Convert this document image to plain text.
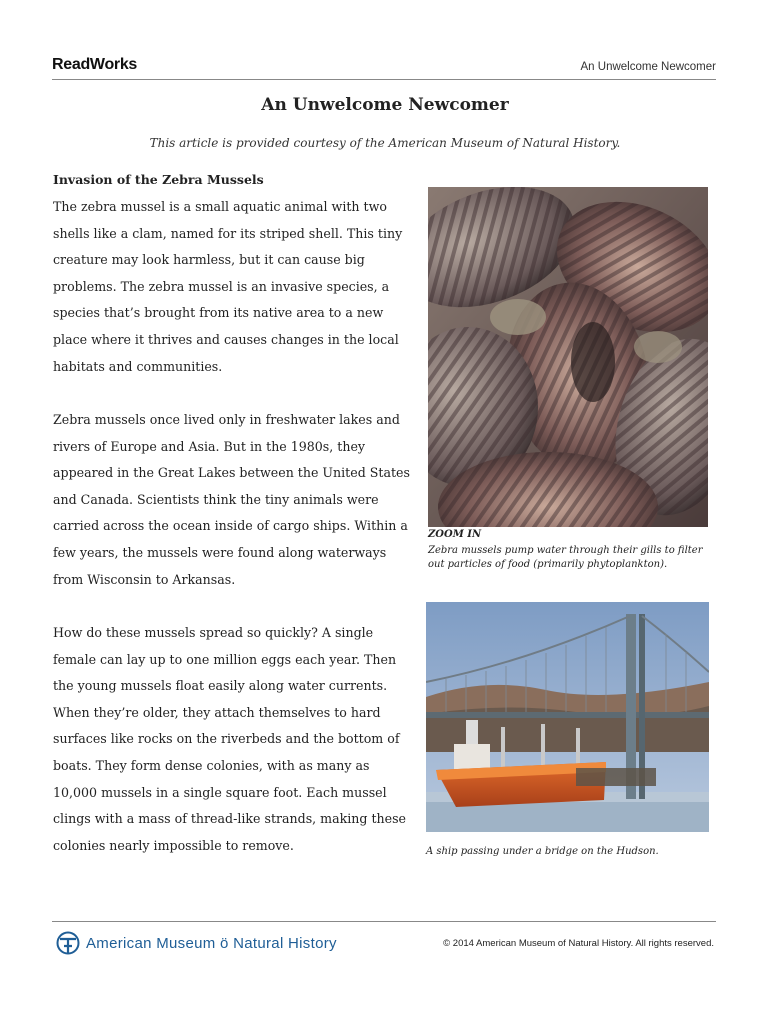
ReadWorks	An Unwelcome Newcomer
An Unwelcome Newcomer
This article is provided courtesy of the American Museum of Natural History.
Invasion of the Zebra Mussels

The zebra mussel is a small aquatic animal with two shells like a clam, named for its striped shell. This tiny creature may look harmless, but it can cause big problems. The zebra mussel is an invasive species, a species that’s brought from its native area to a new place where it thrives and causes changes in the local habitats and communities.

Zebra mussels once lived only in freshwater lakes and rivers of Europe and Asia. But in the 1980s, they appeared in the Great Lakes between the United States and Canada. Scientists think the tiny animals were carried across the ocean inside of cargo ships. Within a few years, the mussels were found along waterways from Wisconsin to Arkansas.

How do these mussels spread so quickly? A single female can lay up to one million eggs each year. Then the young mussels float easily along water currents. When they’re older, they attach themselves to hard surfaces like rocks on the riverbeds and the bottom of boats. They form dense colonies, with as many as 10,000 mussels in a single square foot. Each mussel clings with a mass of thread-like strands, making these colonies nearly impossible to remove.

ZOOM IN
Zebra mussels pump water through their gills to filter out particles of food (primarily phytoplankton).
A ship passing under a bridge on the Hudson.
American Museum ö Natural History	© 2014 American Museum of Natural History. All rights reserved.
